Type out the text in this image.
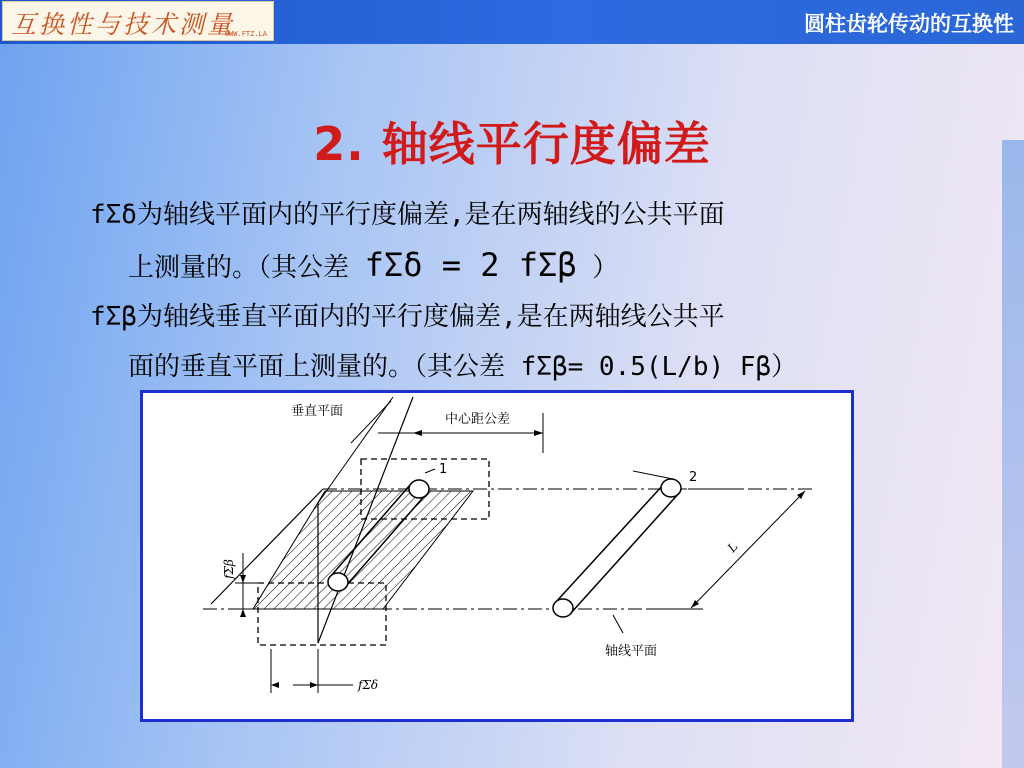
互换性与技术测量
WWW.FTZ.LA	圆柱齿轮传动的互换性
2. 轴线平行度偏差
fΣδ为轴线平面内的平行度偏差,是在两轴线的公共平面
上测量的。（其公差 fΣδ = 2 fΣβ ）
fΣβ为轴线垂直平面内的平行度偏差,是在两轴线公共平
面的垂直平面上测量的。（其公差 fΣβ= 0.5(L/b) Fβ）
垂直平面
中心距公差
1
2
L
轴线平面
fΣβ
fΣδ
